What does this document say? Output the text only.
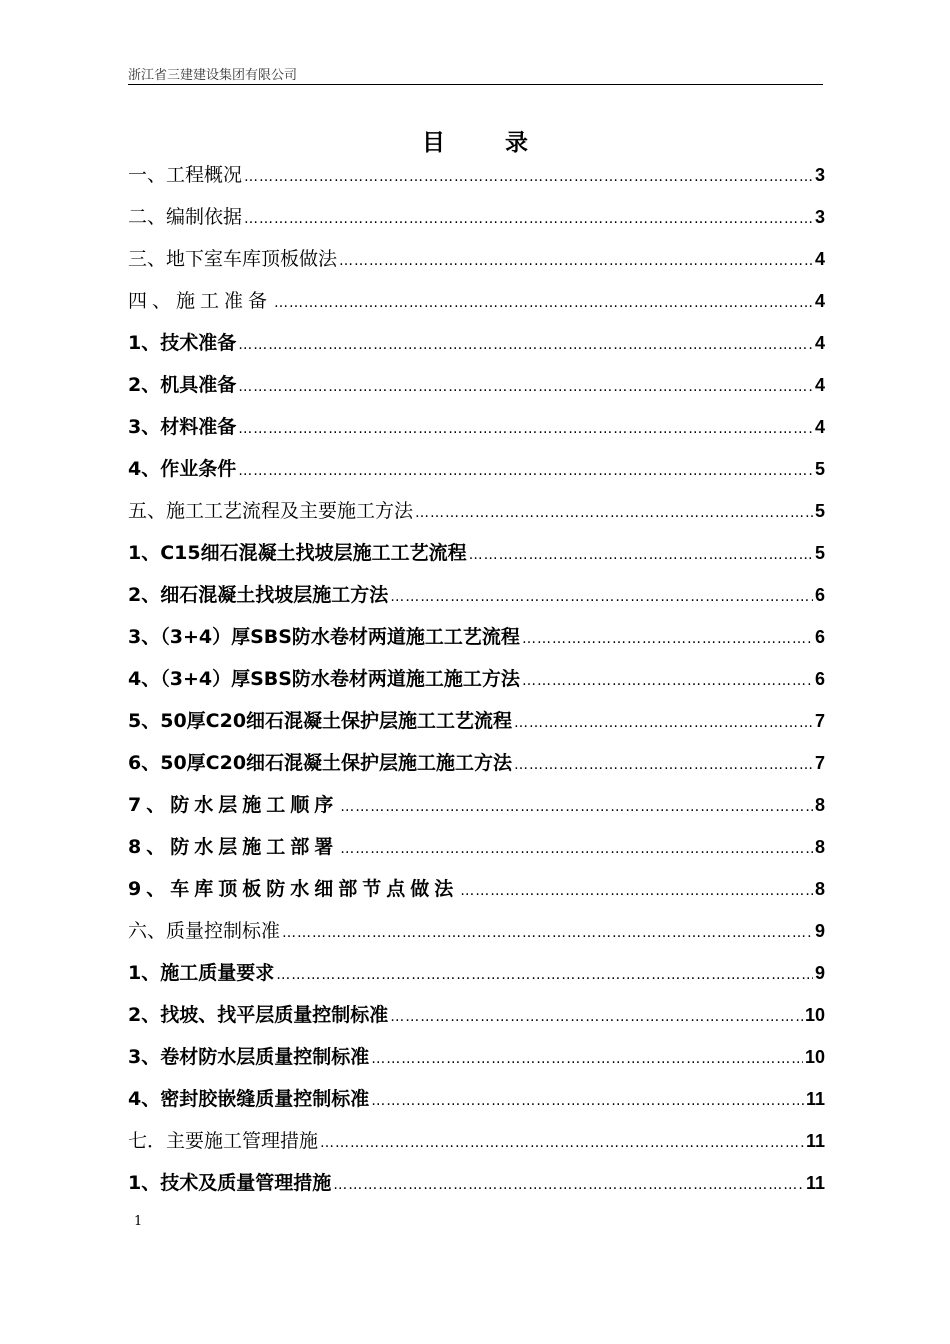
浙江省三建建设集团有限公司
目录
一、工程概况 …………………………………………………………………………………………………………………………………………………………………………	3
二、编制依据 …………………………………………………………………………………………………………………………………………………………………………	3
三、地下室车库顶板做法 …………………………………………………………………………………………………………………………………………………………………………	4
四、施工准备 …………………………………………………………………………………………………………………………………………………………………………	4
1、技术准备 …………………………………………………………………………………………………………………………………………………………………………	4
2、机具准备 …………………………………………………………………………………………………………………………………………………………………………	4
3、材料准备 …………………………………………………………………………………………………………………………………………………………………………	4
4、作业条件 …………………………………………………………………………………………………………………………………………………………………………	5
五、施工工艺流程及主要施工方法 …………………………………………………………………………………………………………………………………………………………………………	5
1、C15细石混凝土找坡层施工工艺流程 …………………………………………………………………………………………………………………………………………………………………………	5
2、细石混凝土找坡层施工方法 …………………………………………………………………………………………………………………………………………………………………………	6
3、（3+4）厚SBS防水卷材两道施工工艺流程 …………………………………………………………………………………………………………………………………………………………………………	6
4、（3+4）厚SBS防水卷材两道施工施工方法 …………………………………………………………………………………………………………………………………………………………………………	6
5、50厚C20细石混凝土保护层施工工艺流程 …………………………………………………………………………………………………………………………………………………………………………	7
6、50厚C20细石混凝土保护层施工施工方法 …………………………………………………………………………………………………………………………………………………………………………	7
7、防水层施工顺序 …………………………………………………………………………………………………………………………………………………………………………	8
8、防水层施工部署 …………………………………………………………………………………………………………………………………………………………………………	8
9、车库顶板防水细部节点做法 …………………………………………………………………………………………………………………………………………………………………………	8
六、质量控制标准 …………………………………………………………………………………………………………………………………………………………………………	9
1、施工质量要求 …………………………………………………………………………………………………………………………………………………………………………	9
2、找坡、找平层质量控制标准 …………………………………………………………………………………………………………………………………………………………………………	10
3、卷材防水层质量控制标准 …………………………………………………………………………………………………………………………………………………………………………	10
4、密封胶嵌缝质量控制标准 …………………………………………………………………………………………………………………………………………………………………………	11
七．主要施工管理措施 …………………………………………………………………………………………………………………………………………………………………………	11
1、技术及质量管理措施 …………………………………………………………………………………………………………………………………………………………………………	11
1
